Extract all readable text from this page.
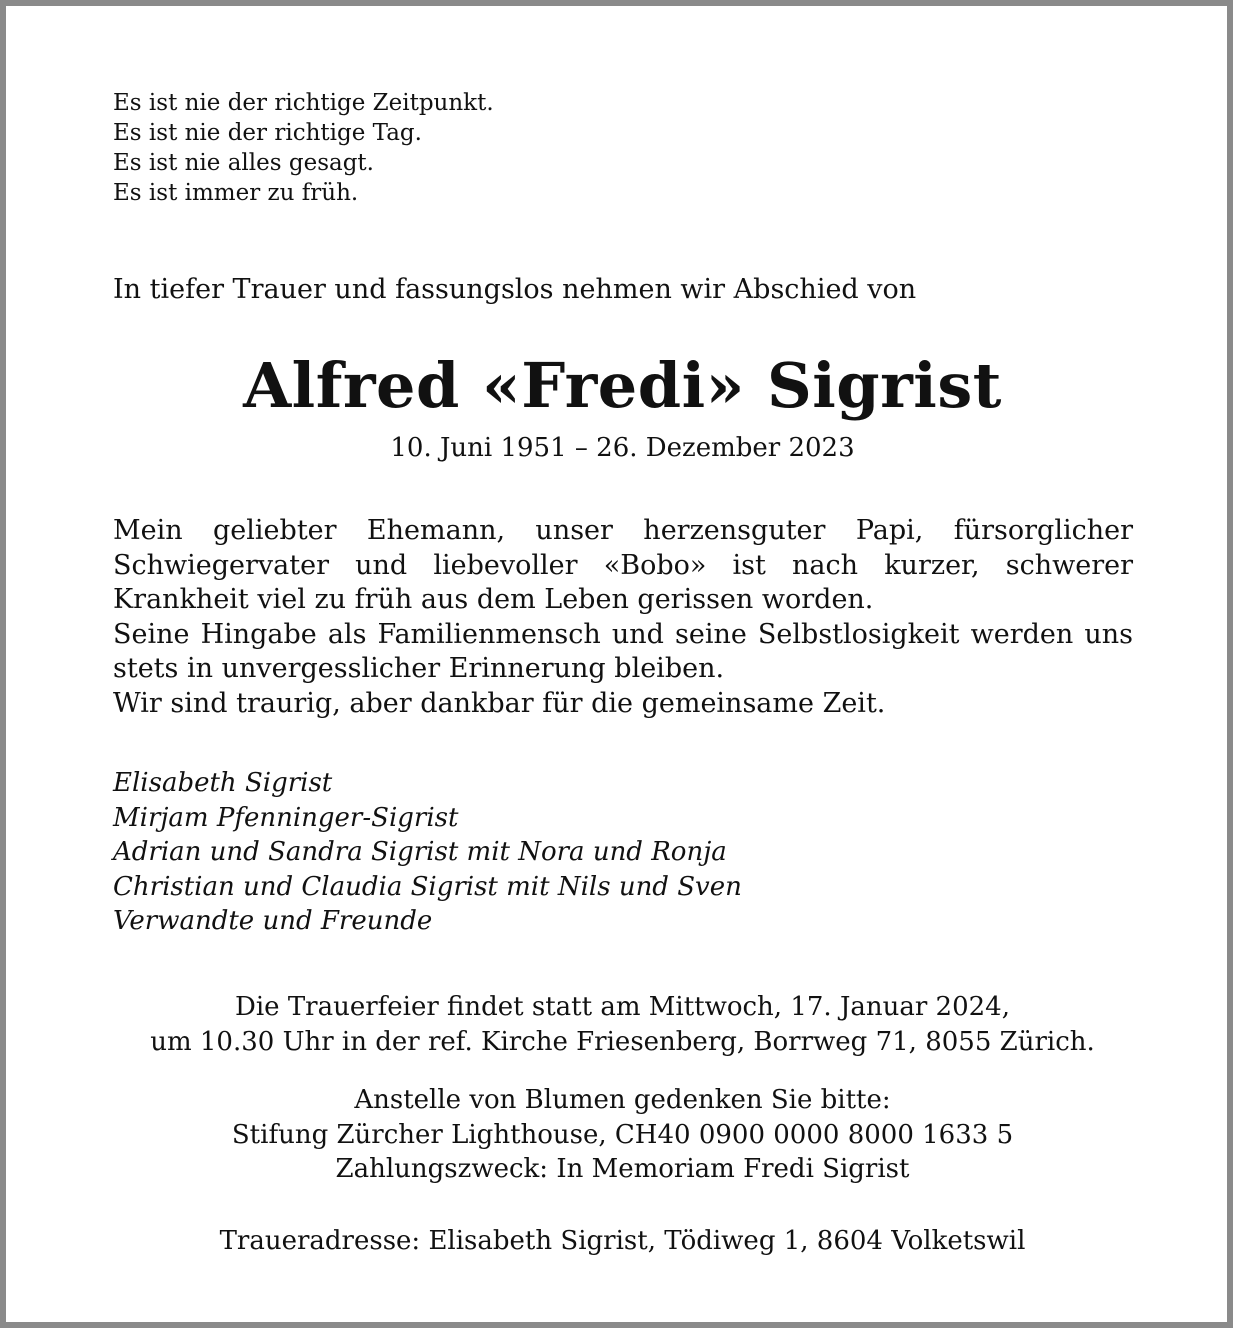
Es ist nie der richtige Zeitpunkt.
Es ist nie der richtige Tag.
Es ist nie alles gesagt.
Es ist immer zu früh.
In tiefer Trauer und fassungslos nehmen wir Abschied von
Alfred «Fredi» Sigrist
10. Juni 1951 – 26. Dezember 2023

Mein geliebter Ehemann, unser herzensguter Papi, fürsorglicher Schwiegervater und liebevoller «Bobo» ist nach kurzer, schwerer Krankheit viel zu früh aus dem Leben gerissen worden.

Seine Hingabe als Familienmensch und seine Selbstlosigkeit werden uns stets in unvergesslicher Erinnerung bleiben.

Wir sind traurig, aber dankbar für die gemeinsame Zeit.

Elisabeth Sigrist
Mirjam Pfenninger-Sigrist
Adrian und Sandra Sigrist mit Nora und Ronja
Christian und Claudia Sigrist mit Nils und Sven
Verwandte und Freunde
Die Trauerfeier findet statt am Mittwoch, 17. Januar 2024,
um 10.30 Uhr in der ref. Kirche Friesenberg, Borrweg 71, 8055 Zürich.
Anstelle von Blumen gedenken Sie bitte:
Stifung Zürcher Lighthouse, CH40 0900 0000 8000 1633 5
Zahlungszweck: In Memoriam Fredi Sigrist
Traueradresse: Elisabeth Sigrist, Tödiweg 1, 8604 Volketswil
